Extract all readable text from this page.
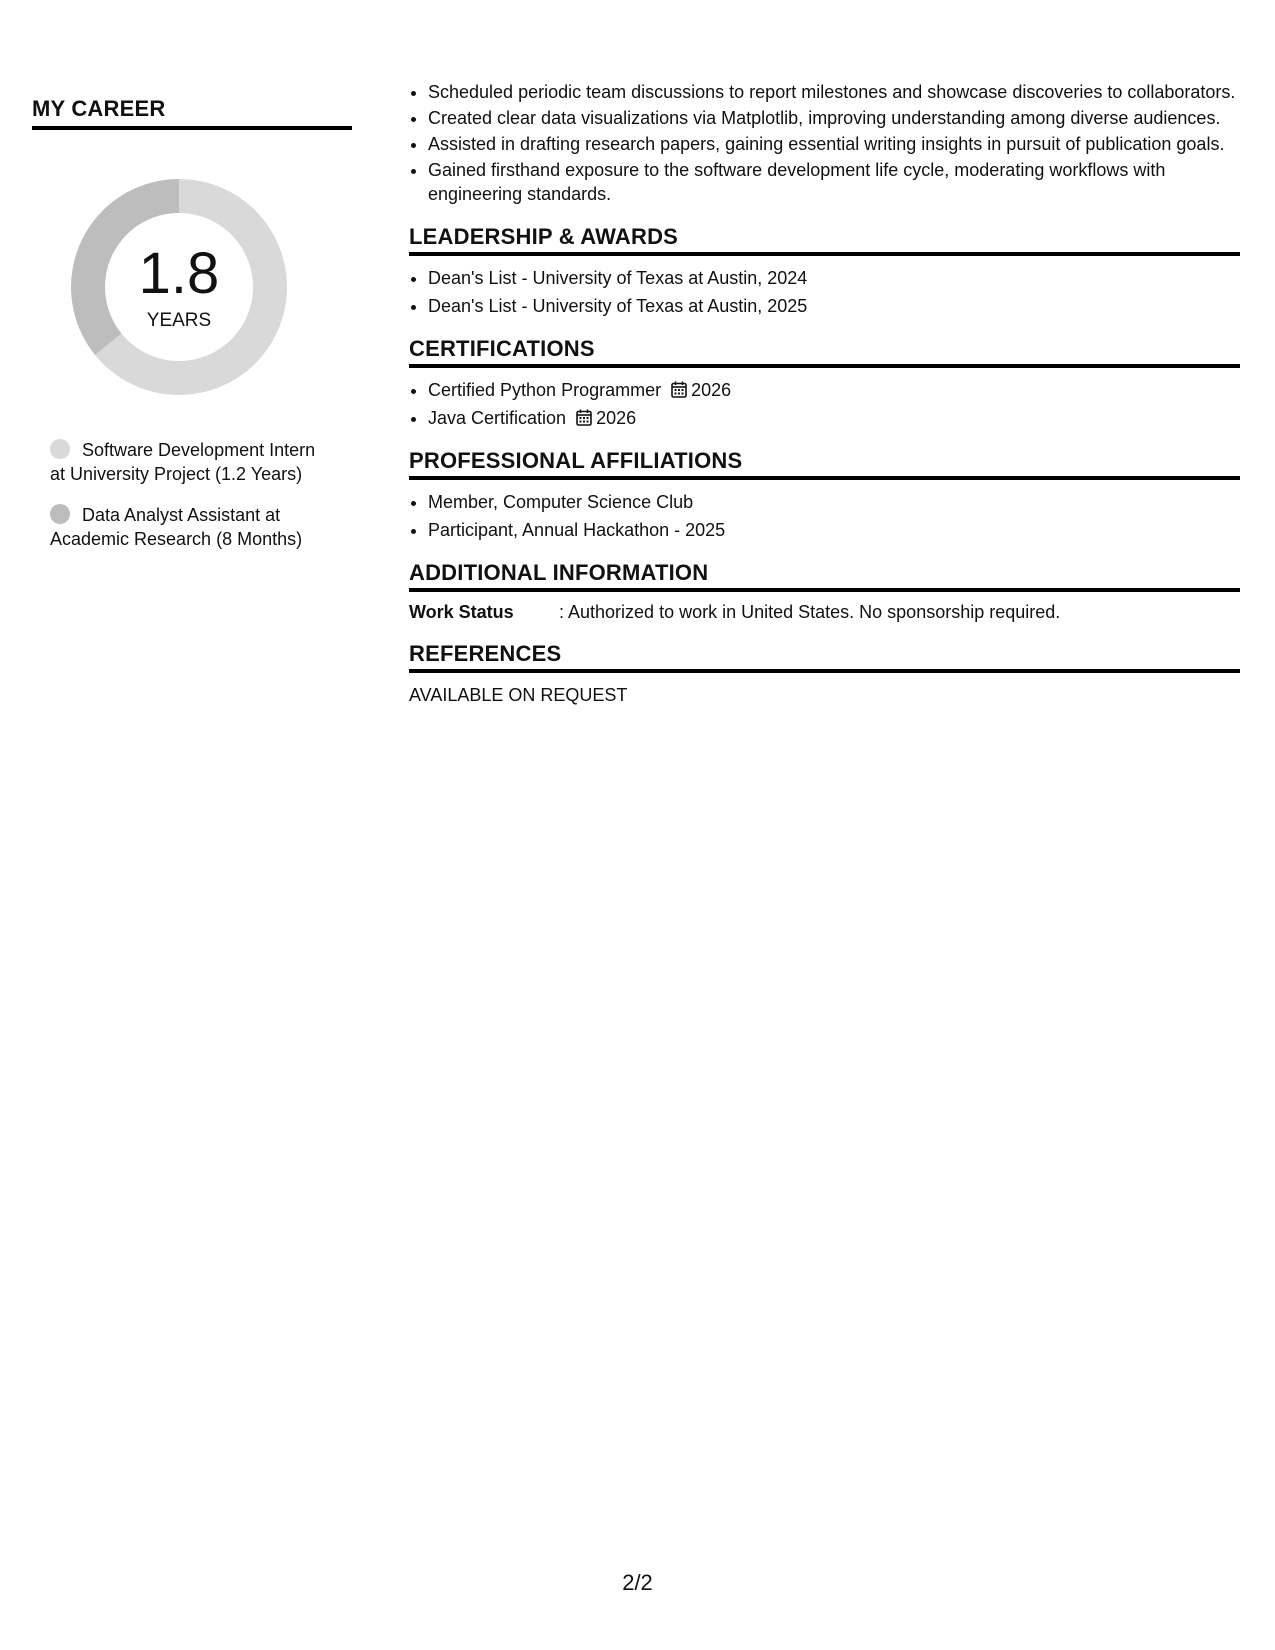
MY CAREER
1.8
YEARS
Software Development Intern at University Project (1.2 Years)
Data Analyst Assistant at Academic Research (8 Months)
• Scheduled periodic team discussions to report milestones and showcase discoveries to collaborators.
• Created clear data visualizations via Matplotlib, improving understanding among diverse audiences.
• Assisted in drafting research papers, gaining essential writing insights in pursuit of publication goals.
• Gained firsthand exposure to the software development life cycle, moderating workflows with engineering standards.
LEADERSHIP & AWARDS
• Dean's List - University of Texas at Austin, 2024
• Dean's List - University of Texas at Austin, 2025
CERTIFICATIONS
• Certified Python Programmer 2026
• Java Certification 2026
PROFESSIONAL AFFILIATIONS
• Member, Computer Science Club
• Participant, Annual Hackathon - 2025
ADDITIONAL INFORMATION
Work Status	: Authorized to work in United States. No sponsorship required.
REFERENCES
AVAILABLE ON REQUEST
2/2
